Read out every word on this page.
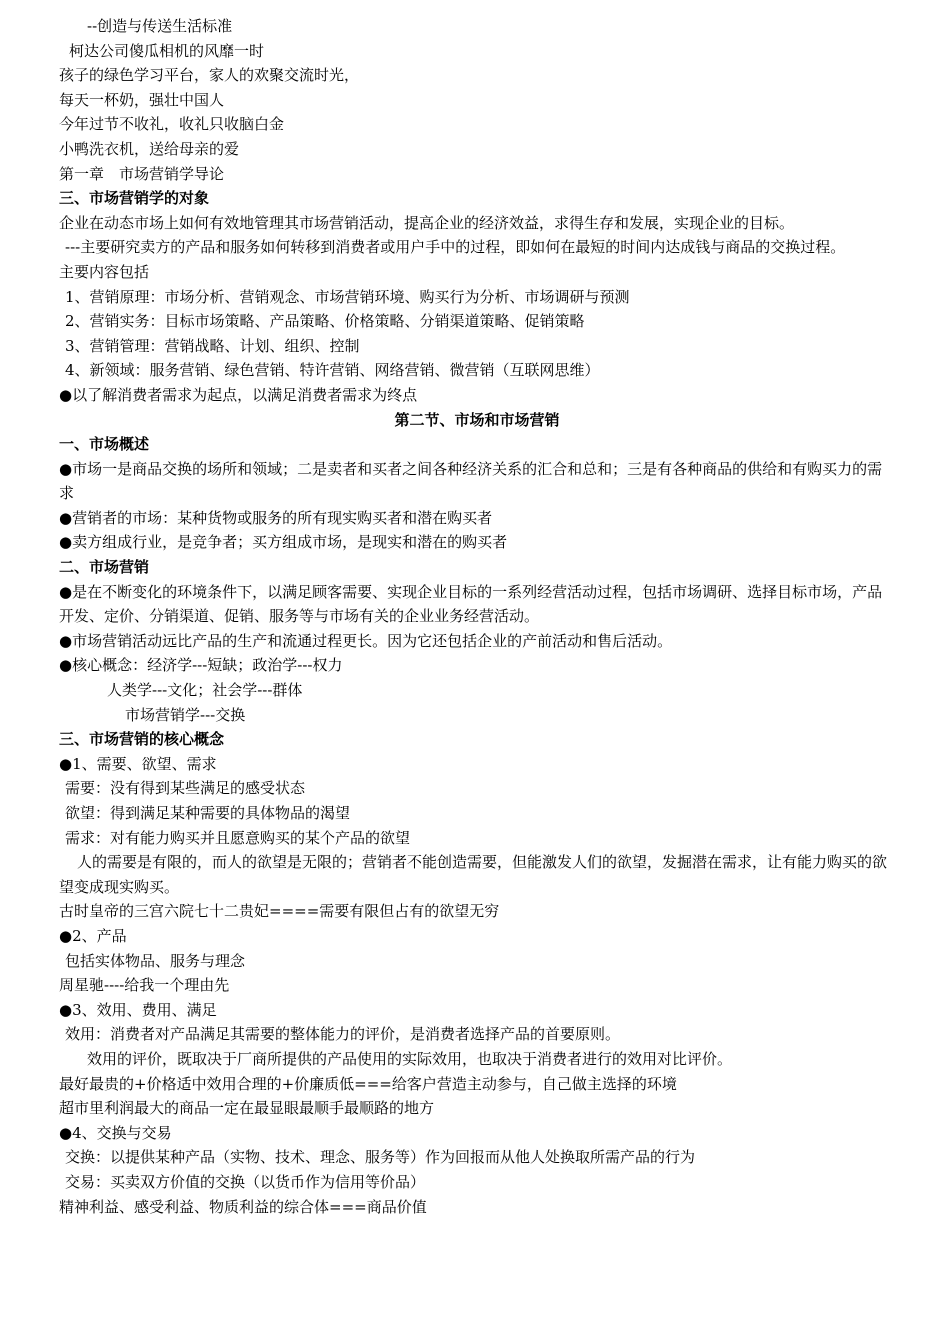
--创造与传送生活标准
柯达公司傻瓜相机的风靡一时
孩子的绿色学习平台，家人的欢聚交流时光，
每天一杯奶，强壮中国人
今年过节不收礼，收礼只收脑白金
小鸭洗衣机，送给母亲的爱
第一章　市场营销学导论
三、市场营销学的对象
企业在动态市场上如何有效地管理其市场营销活动，提高企业的经济效益，求得生存和发展，实现企业的目标。
---主要研究卖方的产品和服务如何转移到消费者或用户手中的过程，即如何在最短的时间内达成钱与商品的交换过程。
主要内容包括
1、营销原理：市场分析、营销观念、市场营销环境、购买行为分析、市场调研与预测
2、营销实务：目标市场策略、产品策略、价格策略、分销渠道策略、促销策略
3、营销管理：营销战略、计划、组织、控制
4、新领域：服务营销、绿色营销、特许营销、网络营销、微营销（互联网思维）
●以了解消费者需求为起点，以满足消费者需求为终点
第二节、市场和市场营销
一、市场概述
●市场一是商品交换的场所和领域；二是卖者和买者之间各种经济关系的汇合和总和；三是有各种商品的供给和有购买力的需求
●营销者的市场：某种货物或服务的所有现实购买者和潜在购买者
●卖方组成行业，是竞争者；买方组成市场，是现实和潜在的购买者
二、市场营销
●是在不断变化的环境条件下，以满足顾客需要、实现企业目标的一系列经营活动过程，包括市场调研、选择目标市场，产品开发、定价、分销渠道、促销、服务等与市场有关的企业业务经营活动。
●市场营销活动远比产品的生产和流通过程更长。因为它还包括企业的产前活动和售后活动。
●核心概念：经济学---短缺；政治学---权力
人类学---文化；社会学---群体
市场营销学---交换
三、市场营销的核心概念
●1、需要、欲望、需求
需要：没有得到某些满足的感受状态
欲望：得到满足某种需要的具体物品的渴望
需求：对有能力购买并且愿意购买的某个产品的欲望
人的需要是有限的，而人的欲望是无限的；营销者不能创造需要，但能激发人们的欲望，发掘潜在需求，让有能力购买的欲望变成现实购买。
古时皇帝的三宫六院七十二贵妃====需要有限但占有的欲望无穷
●2、产品
包括实体物品、服务与理念
周星驰----给我一个理由先
●3、效用、费用、满足
效用：消费者对产品满足其需要的整体能力的评价，是消费者选择产品的首要原则。
效用的评价，既取决于厂商所提供的产品使用的实际效用，也取决于消费者进行的效用对比评价。
最好最贵的+价格适中效用合理的+价廉质低===给客户营造主动参与，自己做主选择的环境
超市里利润最大的商品一定在最显眼最顺手最顺路的地方
●4、交换与交易
交换：以提供某种产品（实物、技术、理念、服务等）作为回报而从他人处换取所需产品的行为
交易：买卖双方价值的交换（以货币作为信用等价品）
精神利益、感受利益、物质利益的综合体===商品价值
